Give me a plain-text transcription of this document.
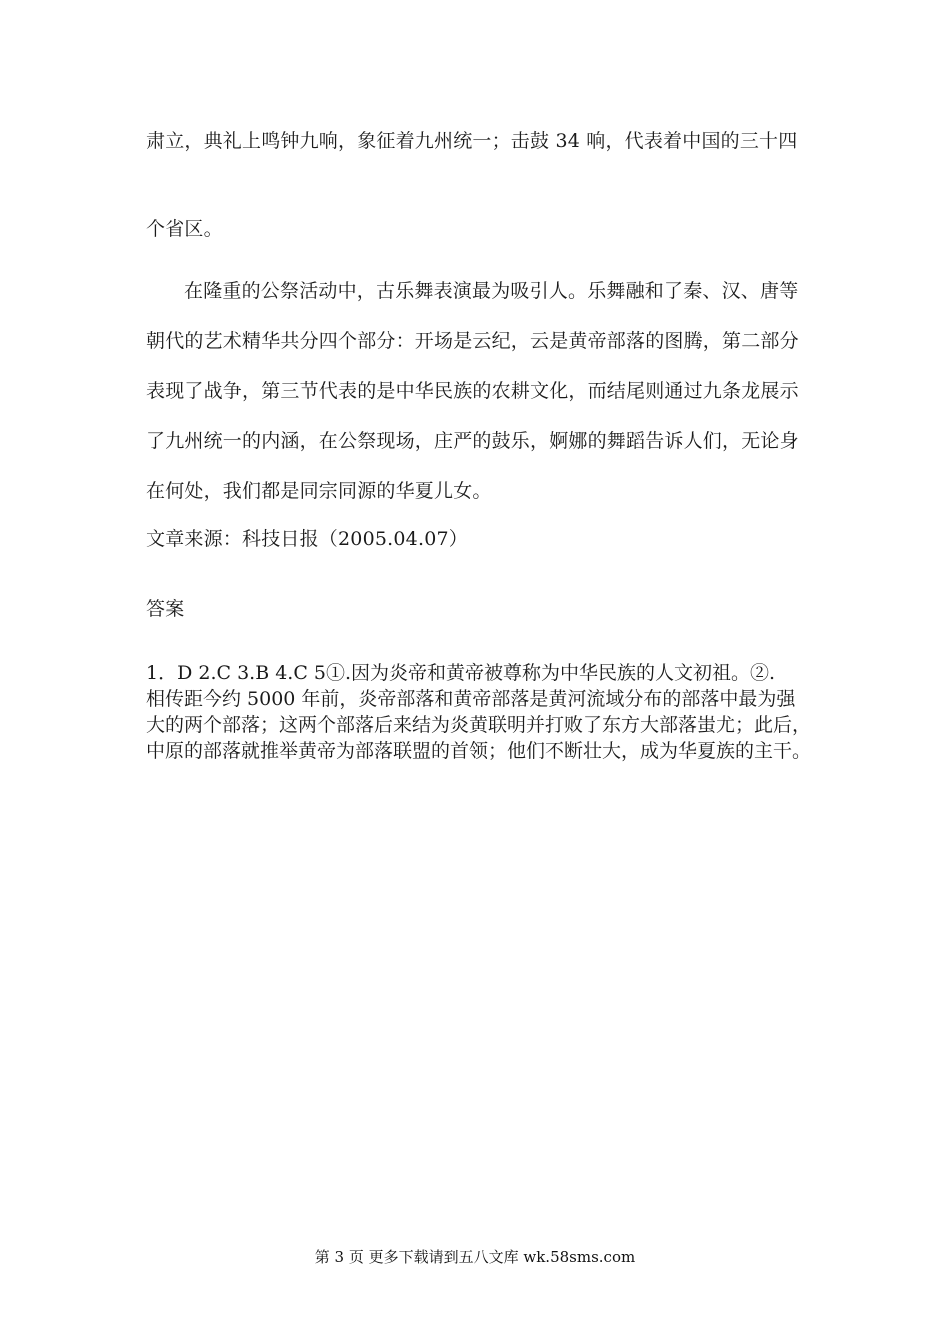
肃立，典礼上鸣钟九响，象征着九州统一；击鼓 34 响，代表着中国的三十四
个省区。
在隆重的公祭活动中，古乐舞表演最为吸引人。乐舞融和了秦、汉、唐等
朝代的艺术精华共分四个部分：开场是云纪，云是黄帝部落的图腾，第二部分
表现了战争，第三节代表的是中华民族的农耕文化，而结尾则通过九条龙展示
了九州统一的内涵，在公祭现场，庄严的鼓乐，婀娜的舞蹈告诉人们，无论身
在何处，我们都是同宗同源的华夏儿女。
文章来源：科技日报（2005.04.07）
答案
1．D 2.C 3.B 4.C 5①.因为炎帝和黄帝被尊称为中华民族的人文初祖。②.
相传距今约 5000 年前，炎帝部落和黄帝部落是黄河流域分布的部落中最为强
大的两个部落；这两个部落后来结为炎黄联明并打败了东方大部落蚩尤；此后，
中原的部落就推举黄帝为部落联盟的首领；他们不断壮大，成为华夏族的主干。
第 3 页 更多下载请到五八文库 wk.58sms.com
